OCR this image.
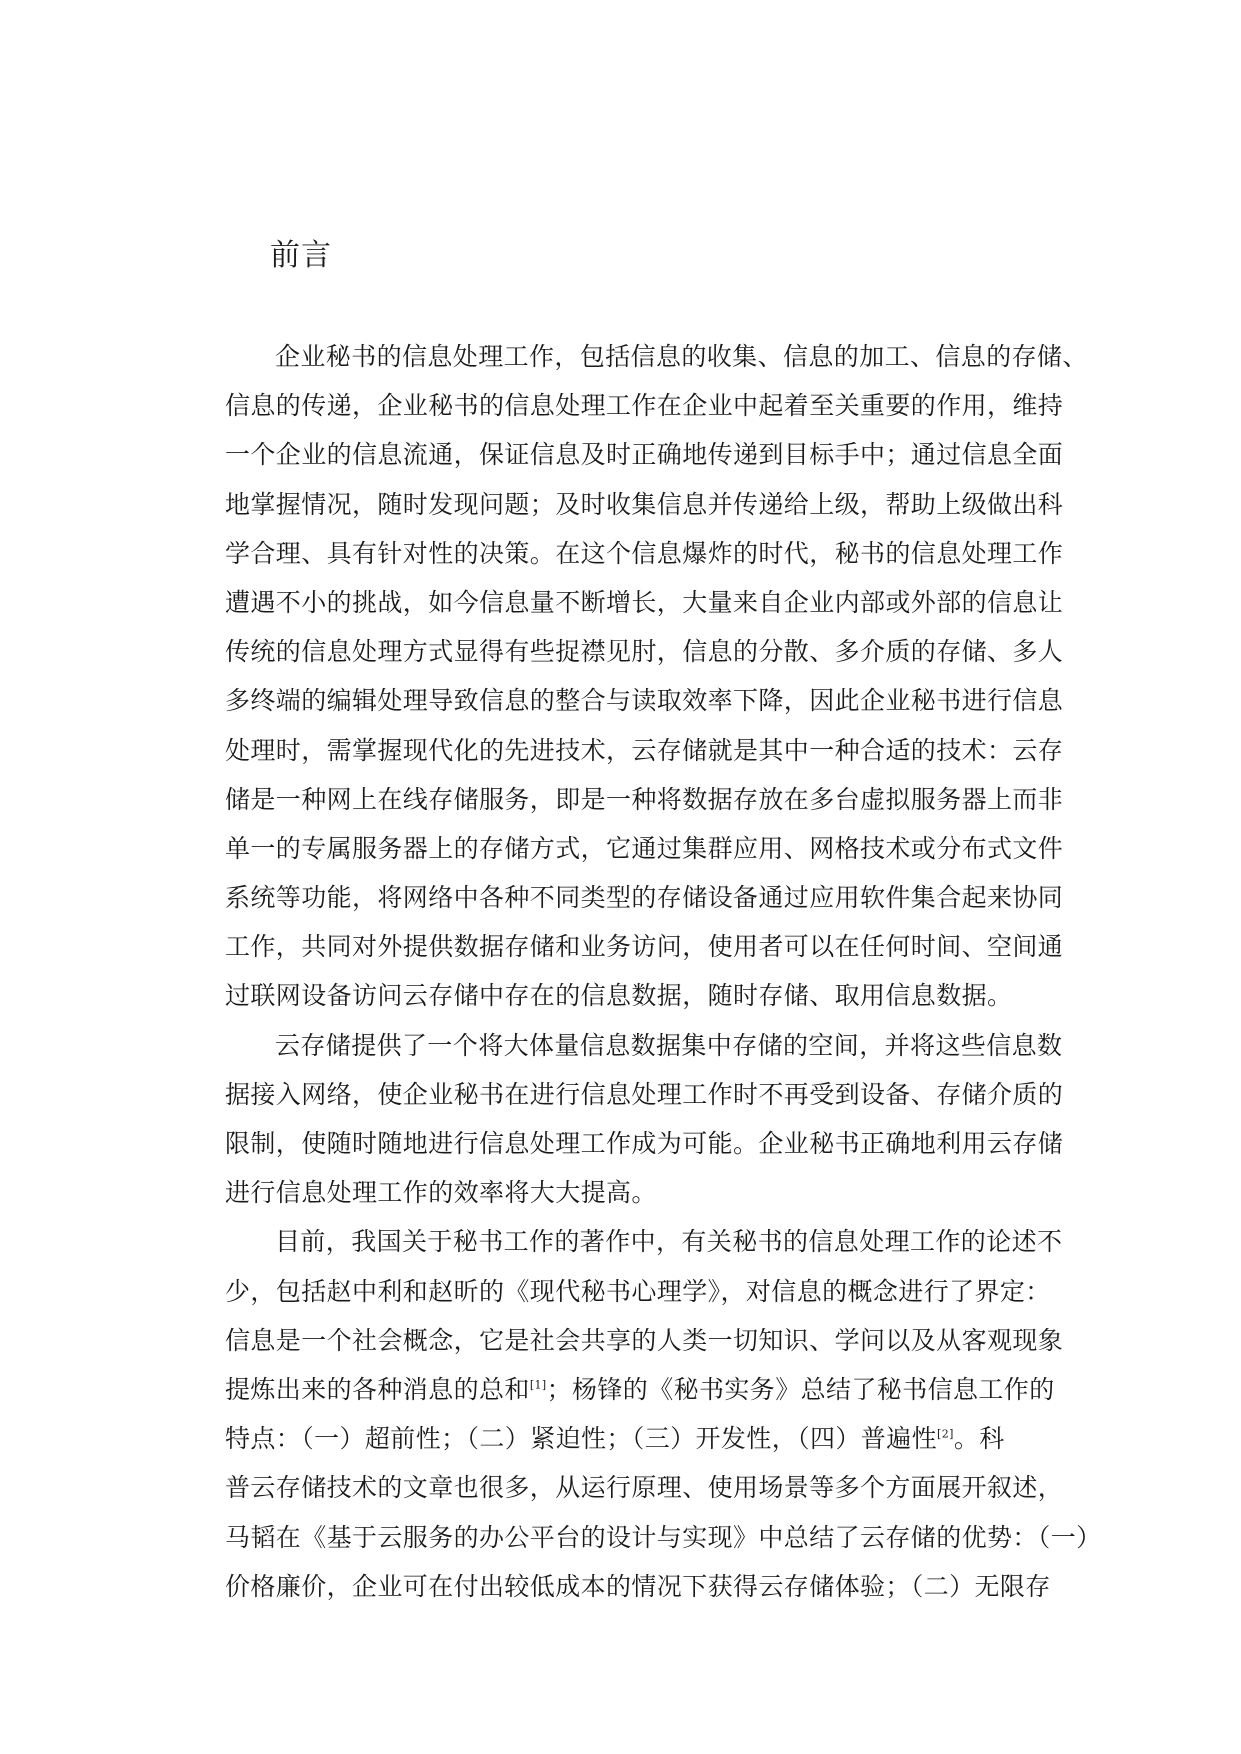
前言
企业秘书的信息处理工作，包括信息的收集、信息的加工、信息的存储、
信息的传递，企业秘书的信息处理工作在企业中起着至关重要的作用，维持
一个企业的信息流通，保证信息及时正确地传递到目标手中；通过信息全面
地掌握情况，随时发现问题；及时收集信息并传递给上级，帮助上级做出科
学合理、具有针对性的决策。在这个信息爆炸的时代，秘书的信息处理工作
遭遇不小的挑战，如今信息量不断增长，大量来自企业内部或外部的信息让
传统的信息处理方式显得有些捉襟见肘，信息的分散、多介质的存储、多人
多终端的编辑处理导致信息的整合与读取效率下降，因此企业秘书进行信息
处理时，需掌握现代化的先进技术，云存储就是其中一种合适的技术：云存
储是一种网上在线存储服务，即是一种将数据存放在多台虚拟服务器上而非
单一的专属服务器上的存储方式，它通过集群应用、网格技术或分布式文件
系统等功能，将网络中各种不同类型的存储设备通过应用软件集合起来协同
工作，共同对外提供数据存储和业务访问，使用者可以在任何时间、空间通
过联网设备访问云存储中存在的信息数据，随时存储、取用信息数据。
云存储提供了一个将大体量信息数据集中存储的空间，并将这些信息数
据接入网络，使企业秘书在进行信息处理工作时不再受到设备、存储介质的
限制，使随时随地进行信息处理工作成为可能。企业秘书正确地利用云存储
进行信息处理工作的效率将大大提高。
目前，我国关于秘书工作的著作中，有关秘书的信息处理工作的论述不
少，包括赵中利和赵昕的《现代秘书心理学》，对信息的概念进行了界定：
信息是一个社会概念，它是社会共享的人类一切知识、学问以及从客观现象
提炼出来的各种消息的总和[1]；杨锋的《秘书实务》总结了秘书信息工作的
特点：（一）超前性；（二）紧迫性；（三）开发性，（四）普遍性[2]。科
普云存储技术的文章也很多，从运行原理、使用场景等多个方面展开叙述，
马韬在《基于云服务的办公平台的设计与实现》中总结了云存储的优势：（一）
价格廉价，企业可在付出较低成本的情况下获得云存储体验；（二）无限存
